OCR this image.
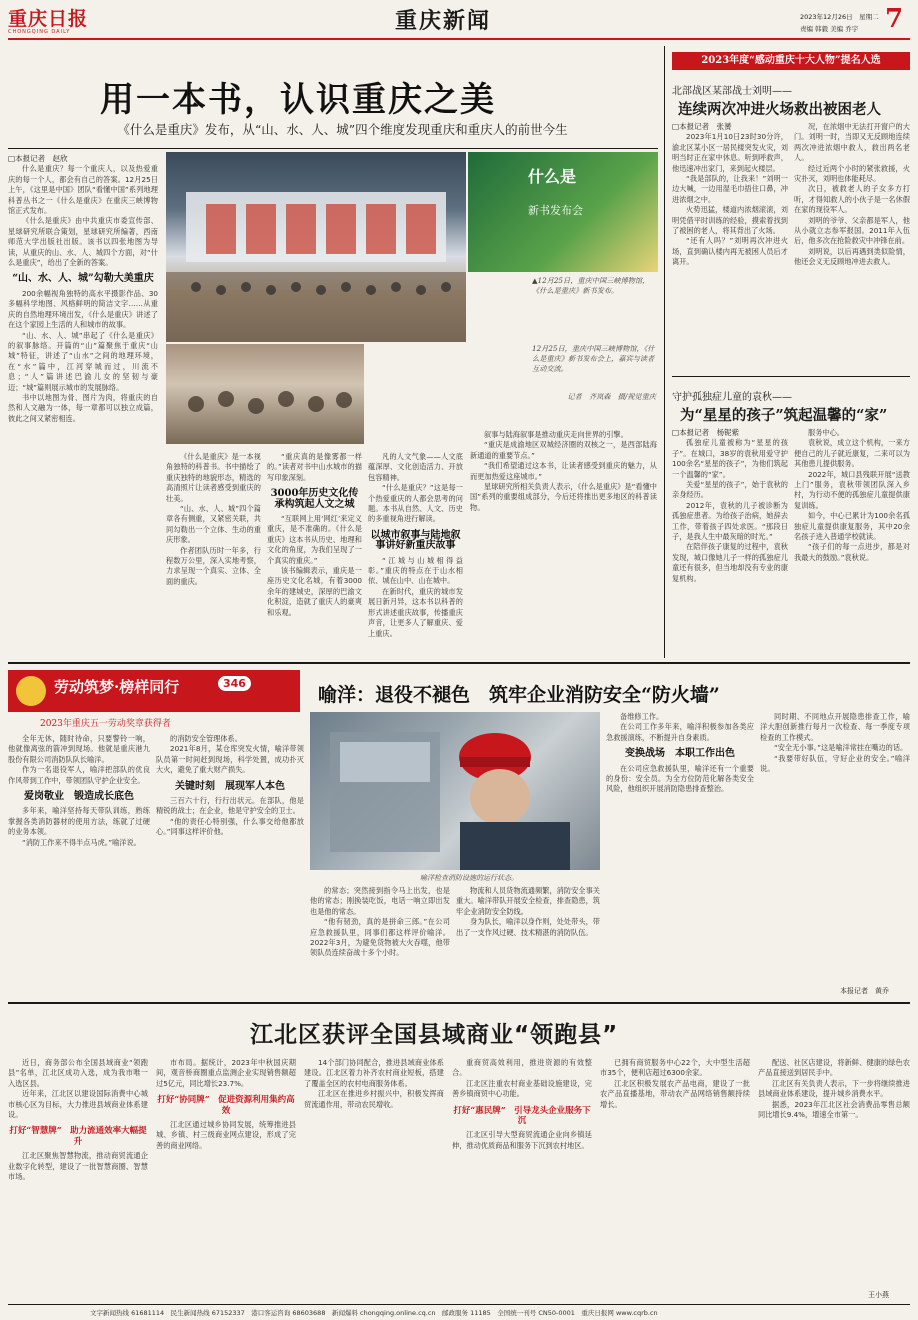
重庆日报
CHONGQING DAILY	重庆新闻	2023年12月26日　星期二
责编 韩毅 美编 乔宇 7
用一本书，认识重庆之美
《什么是重庆》发布，从“山、水、人、城”四个维度发现重庆和重庆人的前世今生
□本报记者　赵欣

什么是重庆？每一个重庆人，以及热爱重庆的每一个人，都会有自己的答案。12月25日上午，《这里是中国》团队“看懂中国”系列地理科普丛书之一《什么是重庆》在重庆三峡博物馆正式发布。

《什么是重庆》由中共重庆市委宣传部、星球研究所联合策划，星球研究所编著，西南师范大学出版社出版。该书以四张地图为导读，从重庆的山、水、人、城四个方面，对“什么是重庆”，给出了全新的答案。

“山、水、人、城”勾勒大美重庆

200余幅视角独特的高水平摄影作品、30多幅科学地图、风格鲜明的简洁文字……从重庆的自然地理环境出发，《什么是重庆》讲述了在这个家园上生活的人和城市的故事。

“山、水、人、城”串起了《什么是重庆》的叙事脉络。开篇的“山”篇聚焦于重庆“山城”特征，讲述了“山水”之间的地理环境，在“水”篇中，江河穿城而过，川流不息；“人”篇讲述巴渝儿女的坚韧与豪迈；“城”篇则展示城市的发展脉络。

书中以地图为骨、图片为肉，将重庆的自然和人文融为一体，每一章都可以独立成篇，彼此之间又紧密相连。

什么是
新书发布会
▲12月25日，重庆中国三峡博物馆，《什么是重庆》新书发布。
12月25日，重庆中国三峡博物馆，《什么是重庆》新书发布会上，嘉宾与读者互动交流。
记者　齐岚森　摄/视觉重庆

《什么是重庆》是一本视角独特的科普书。书中描绘了重庆独特的地貌形态，精选的高清照片让读者感受到重庆的壮美。

“山、水、人、城”四个篇章各有侧重，又紧密关联，共同勾勒出一个立体、生动的重庆形象。

作者团队历时一年多，行程数万公里，深入实地考察，力求呈现一个真实、立体、全面的重庆。

“重庆真的是像雾都一样的。”读者对书中山水城市的描写印象深刻。

3000年历史文化传承构筑起人文之城

“互联网上用‘网红’来定义重庆，是不准确的。《什么是重庆》这本书从历史、地理和文化的角度，为我们呈现了一个真实的重庆。”

该书编辑表示，重庆是一座历史文化名城，有着3000余年的建城史，深厚的巴渝文化积淀，造就了重庆人的豪爽和乐观。

凡的人文气象——人文底蕴深厚、文化创造活力、开放包容精神。

“什么是重庆？”这是每一个热爱重庆的人都会思考的问题。本书从自然、人文、历史的多重视角进行解读。

以城市叙事与陆地叙事讲好新重庆故事

“江城与山城相得益彰。”重庆的特点在于山水相依、城在山中、山在城中。

在新时代，重庆的城市发展日新月异，这本书以科普的形式讲述重庆故事，传播重庆声音，让更多人了解重庆、爱上重庆。

叙事与陆海叙事是推动重庆走向世界的引擎。

“重庆是成渝地区双城经济圈的双核之一，是西部陆海新通道的重要节点。”

“我们希望通过这本书，让读者感受到重庆的魅力，从而更加热爱这座城市。”

星球研究所相关负责人表示，《什么是重庆》是“看懂中国”系列的重要组成部分，今后还将推出更多地区的科普读物。

2023年度“感动重庆十大人物”提名人选
北部战区某部战士刘明——
连续两次冲进火场救出被困老人
□本报记者　张赟

2023年1月10日23时30分许，渝北区某小区一居民楼突发火灾，刘明当时正在家中休息。听到呼救声，他迅速冲出家门，来到起火楼层。

“我是部队的，让我来！”刘明一边大喊，一边用湿毛巾捂住口鼻，冲进浓烟之中。

火势迅猛，楼道内浓烟滚滚，刘明凭借平时训练的经验，摸索着找到了被困的老人，将其背出了火场。

“还有人吗？”刘明再次冲进火场，直到确认楼内再无被困人员后才离开。

况，在浓烟中无法打开窗户的大门。刘明一时，当即又无反顾地连续两次冲进浓烟中救人，救出两名老人。

经过近两个小时的紧张救援，火灾扑灭，刘明也体能耗尽。

次日，被救老人的子女多方打听，才得知救人的小伙子是一名休假在家的现役军人。

刘明的爷爷、父亲都是军人，他从小就立志参军报国。2011年入伍后，他多次在抢险救灾中冲锋在前。

刘明说，以后再遇到类似险情，他还会义无反顾地冲进去救人。

守护孤独症儿童的袁秋——
为“星星的孩子”筑起温馨的“家”
□本报记者　杨铌紫

孤独症儿童被称为“星星的孩子”。在城口，38岁的袁秋用爱守护100余名“星星的孩子”，为他们筑起一个温馨的“家”。

关爱“星星的孩子”，始于袁秋的亲身经历。

2012年，袁秋的儿子被诊断为孤独症患者。为给孩子治病，她辞去工作，带着孩子四处求医。“那段日子，是我人生中最灰暗的时光。”

在陪伴孩子康复的过程中，袁秋发现，城口像她儿子一样的孤独症儿童还有很多，但当地却没有专业的康复机构。

服务中心。

袁秋说，成立这个机构，一来方便自己的儿子就近康复，二来可以为其他患儿提供服务。

2022年，城口县残联开展“送教上门”服务，袁秋带领团队深入乡村，为行动不便的孤独症儿童提供康复训练。

如今，中心已累计为100余名孤独症儿童提供康复服务，其中20余名孩子进入普通学校就读。

“孩子们的每一点进步，都是对我最大的鼓励。”袁秋说。

劳动筑梦·榜样同行	346
2023年重庆五一劳动奖章获得者
喻洋：退役不褪色　筑牢企业消防安全“防火墙”

全年无休，随时待命，只要警铃一响，他就像离弦的箭冲到现场。他就是重庆港九股份有限公司消防队队长喻洋。

作为一名退役军人，喻洋把部队的优良作风带到工作中，带领团队守护企业安全。

爱岗敬业　锻造成长底色

多年来，喻洋坚持每天带队训练，熟练掌握各类消防器材的使用方法，练就了过硬的业务本领。

“消防工作来不得半点马虎。”喻洋说。

的消防安全管理体系。

2021年8月，某仓库突发火情，喻洋带领队员第一时间赶到现场，科学处置，成功扑灭大火，避免了重大财产损失。

关键时刻　展现军人本色

三百六十行，行行出状元。在部队，他是精锐的战士；在企业，他是守护安全的卫士。

“他的责任心特别强，什么事交给他都放心。”同事这样评价他。

喻洋检查消防设施的运行状态。

的常态；突然接到指令马上出发，也是他的常态；刚换装吃饭，电话一响立即出发也是他的常态。

“他有韧劲，真的是拼命三郎。”在公司应急救援队里，同事们都这样评价喻洋。2022年3月，为避免货物被大火吞噬，他带领队员连续奋战十多个小时。

物流和人员货物流通频繁，消防安全事关重大。喻洋带队开展安全检查，排查隐患，筑牢企业消防安全防线。

身为队长，喻洋以身作则，处处带头，带出了一支作风过硬、技术精湛的消防队伍。

备维修工作。

在公司工作多年来，喻洋积极参加各类应急救援演练，不断提升自身素质。

变换战场　本职工作出色

在公司应急救援队里，喻洋还有一个重要的身份：安全员。为全方位防范化解各类安全风险，他组织开展消防隐患排查整治。

同时期、不同地点开展隐患排查工作，喻洋大胆创新推行每月一次检查、每一季度专项检查的工作模式。

“安全无小事。”这是喻洋常挂在嘴边的话。

“我要带好队伍，守好企业的安全。”喻洋说。

本报记者　黄乔
江北区获评全国县域商业“领跑县”

近日，商务部公布全国县域商业“领跑县”名单，江北区成功入选，成为我市唯一入选区县。

近年来，江北区以建设国际消费中心城市核心区为目标，大力推进县域商业体系建设。

打好“智慧牌”　助力流通效率大幅提升

江北区聚焦智慧物流，推动商贸流通企业数字化转型，建设了一批智慧商圈、智慧市场。

市布局。据统计，2023年中秋国庆期间，观音桥商圈重点监测企业实现销售额超过5亿元，同比增长23.7%。

打好“协同牌”　促进资源利用集约高效

江北区通过城乡协同发展，统筹推进县城、乡镇、村三级商业网点建设，形成了完善的商业网络。

14个部门协同配合，推进县域商业体系建设。江北区着力补齐农村商业短板，搭建了覆盖全区的农村电商服务体系。

江北区在推进乡村振兴中，积极发挥商贸流通作用，带动农民增收。

重商贸高效利用，推进资源的有效整合。

江北区注重农村商业基础设施建设，完善乡镇商贸中心功能。

打好“惠民牌”　引导龙头企业服务下沉

江北区引导大型商贸流通企业向乡镇延伸，推动优质商品和服务下沉到农村地区。

已拥有商贸服务中心22个，大中型生活超市35个，便利店超过6300余家。

江北区积极发展农产品电商，建设了一批农产品直播基地，带动农产品网络销售额持续增长。

配送、社区店建设，将新鲜、健康的绿色农产品直接送到居民手中。

江北区有关负责人表示，下一步将继续推进县域商业体系建设，提升城乡消费水平。

据悉，2023年江北区社会消费品零售总额同比增长9.4%，增速全市第一。

王小燕
文字新闻热线 61681114　民生新闻热线 67152337　港口客运咨询 68603688　新闻爆料 chongqing.online.cq.cn　邮政服务 11185　全国统一刊号 CN50-0001　重庆日报网 www.cqrb.cn
